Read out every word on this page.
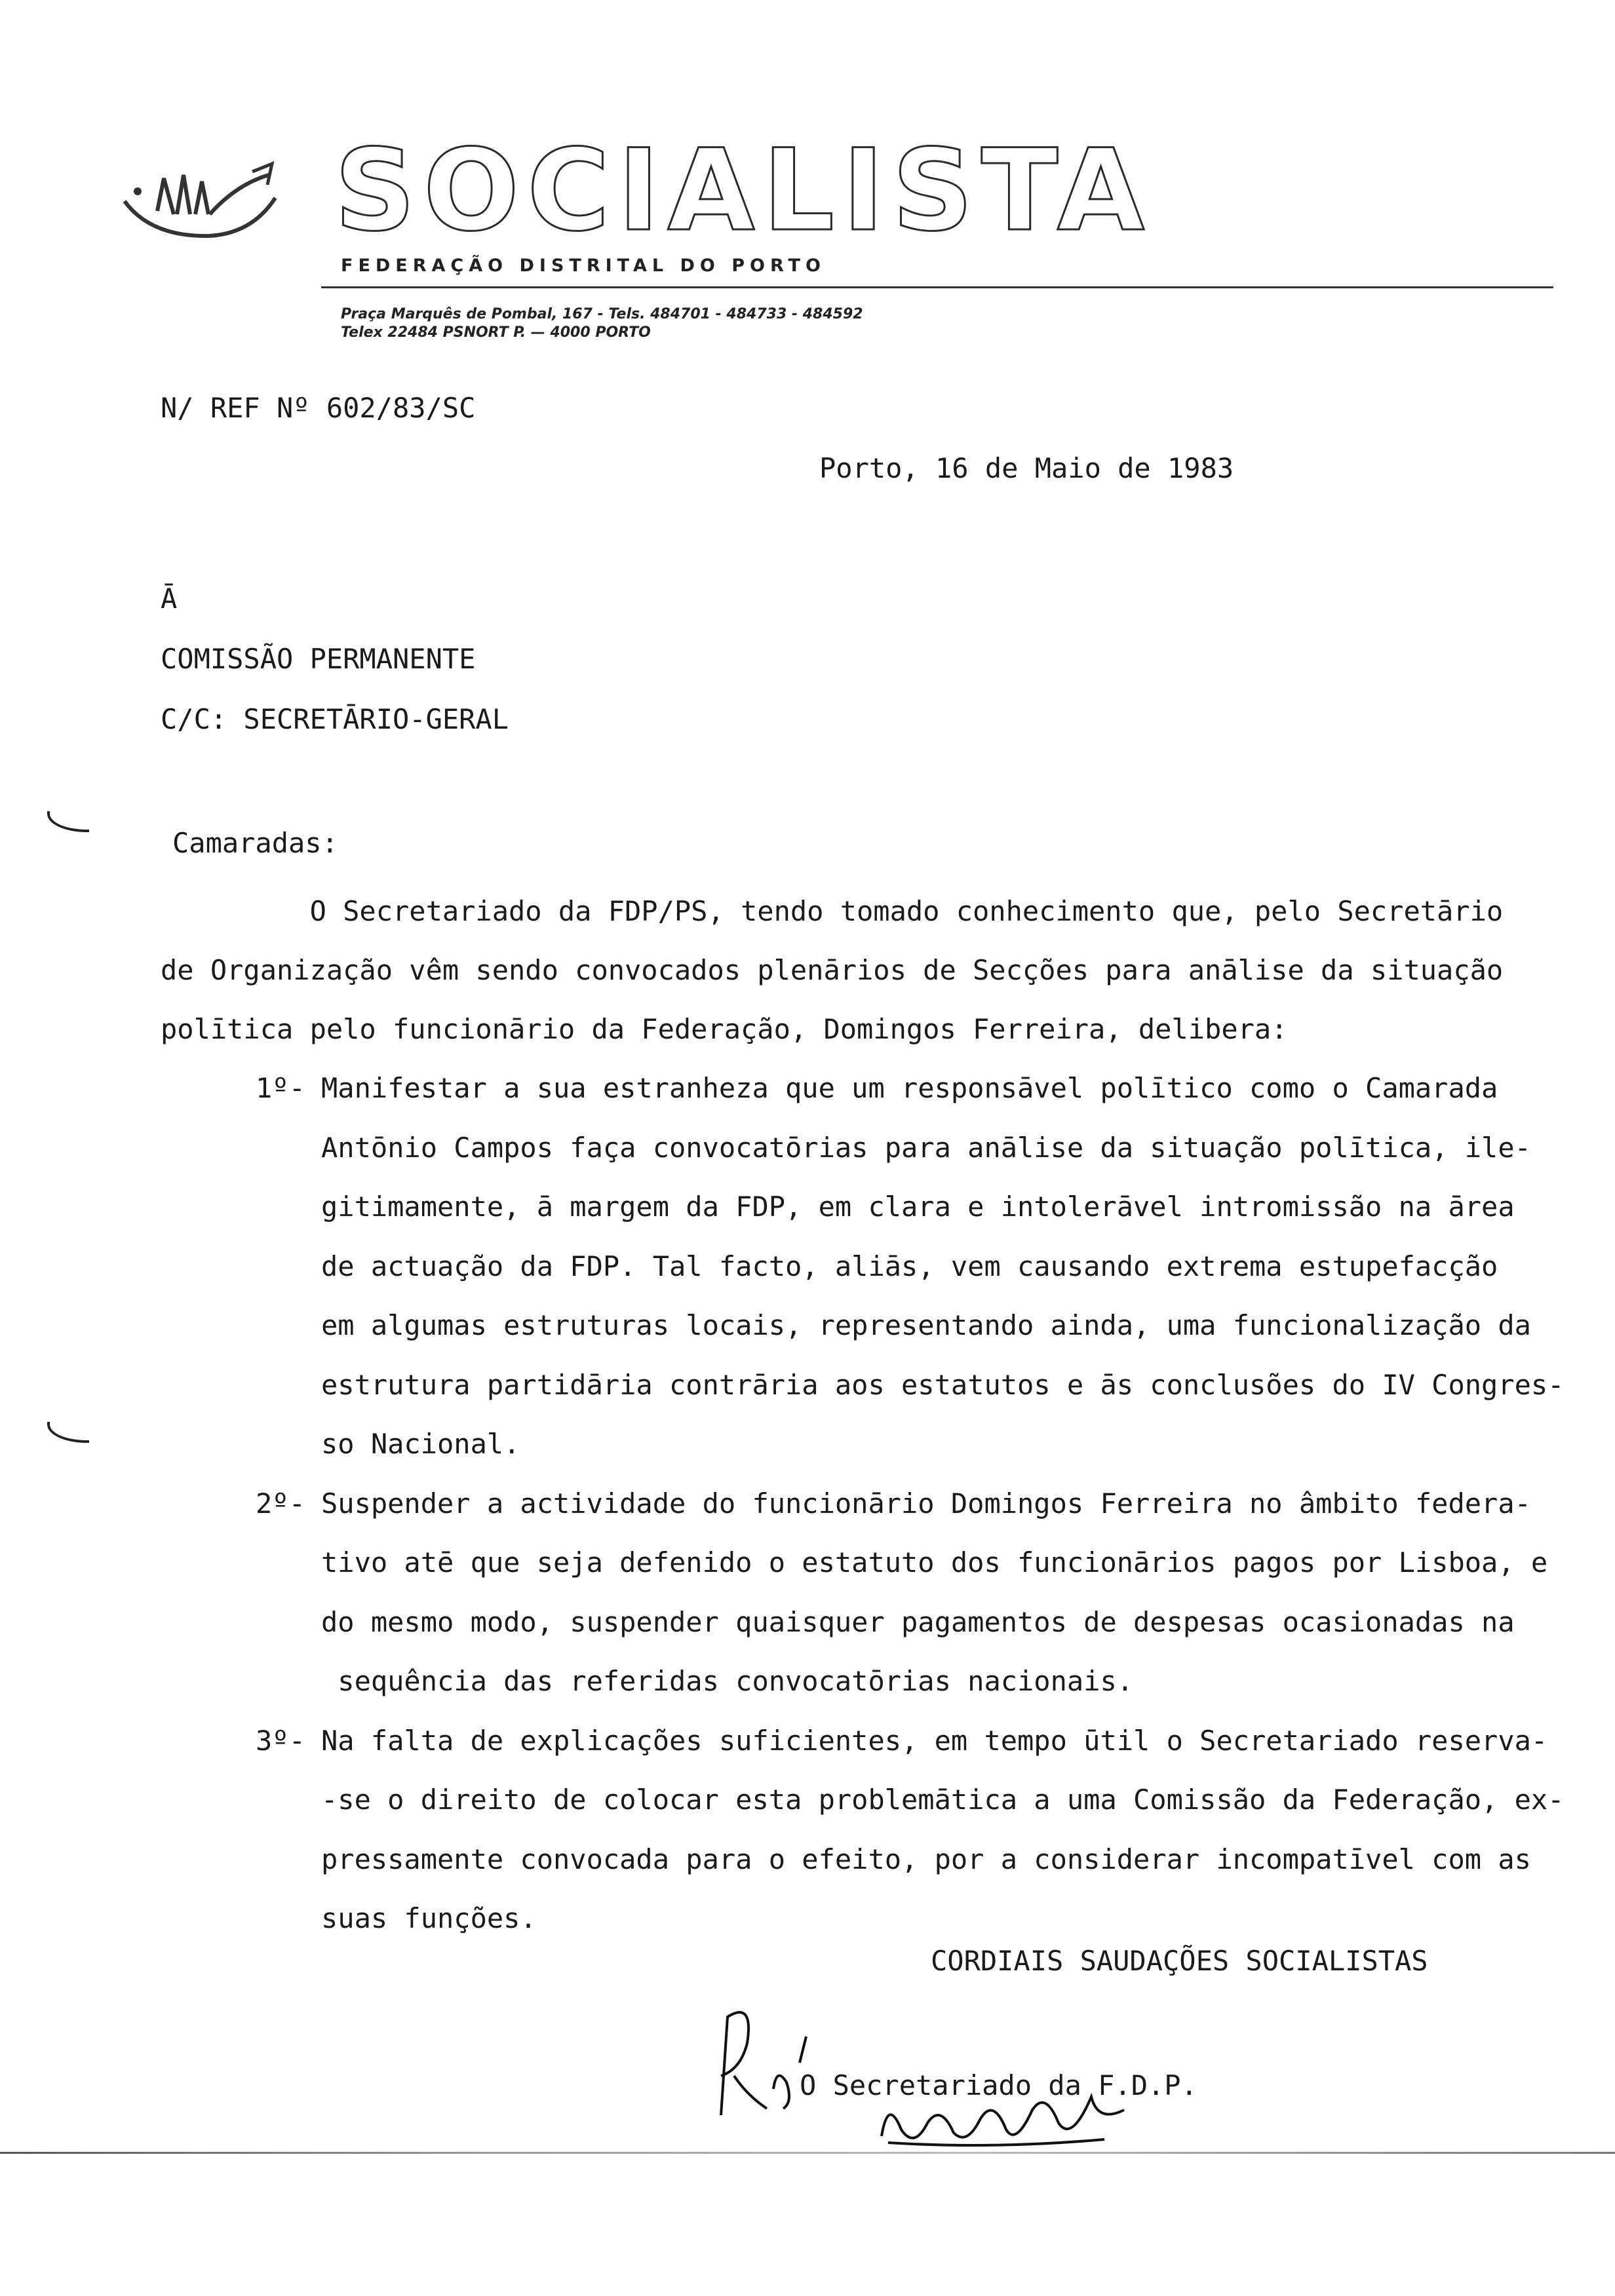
SOCIALISTA
FEDERAÇÃO DISTRITAL DO PORTO
Praça Marquês de Pombal, 167 - Tels. 484701 - 484733 - 484592
Telex 22484 PSNORT P. — 4000 PORTO
N/ REF Nº 602/83/SC
Porto, 16 de Maio de 1983
Ā
COMISSÃO PERMANENTE
C/C: SECRETĀRIO-GERAL
Camaradas:
O Secretariado da FDP/PS, tendo tomado conhecimento que, pelo Secretārio
de Organização vêm sendo convocados plenārios de Secções para anālise da situação
polītica pelo funcionārio da Federação, Domingos Ferreira, delibera:
1º- Manifestar a sua estranheza que um responsāvel polītico como o Camarada
Antōnio Campos faça convocatōrias para anālise da situação polītica, ile-
gitimamente, ā margem da FDP, em clara e intolerāvel intromissão na ārea
de actuação da FDP. Tal facto, aliās, vem causando extrema estupefacção
em algumas estruturas locais, representando ainda, uma funcionalização da
estrutura partidāria contrāria aos estatutos e ās conclusões do IV Congres-
so Nacional.
2º- Suspender a actividade do funcionārio Domingos Ferreira no âmbito federa-
tivo atē que seja defenido o estatuto dos funcionārios pagos por Lisboa, e
do mesmo modo, suspender quaisquer pagamentos de despesas ocasionadas na
sequência das referidas convocatōrias nacionais.
3º- Na falta de explicações suficientes, em tempo ūtil o Secretariado reserva-
-se o direito de colocar esta problemātica a uma Comissão da Federação, ex-
pressamente convocada para o efeito, por a considerar incompatīvel com as
suas funções.
CORDIAIS SAUDAÇÕES SOCIALISTAS
O Secretariado da F.D.P.
